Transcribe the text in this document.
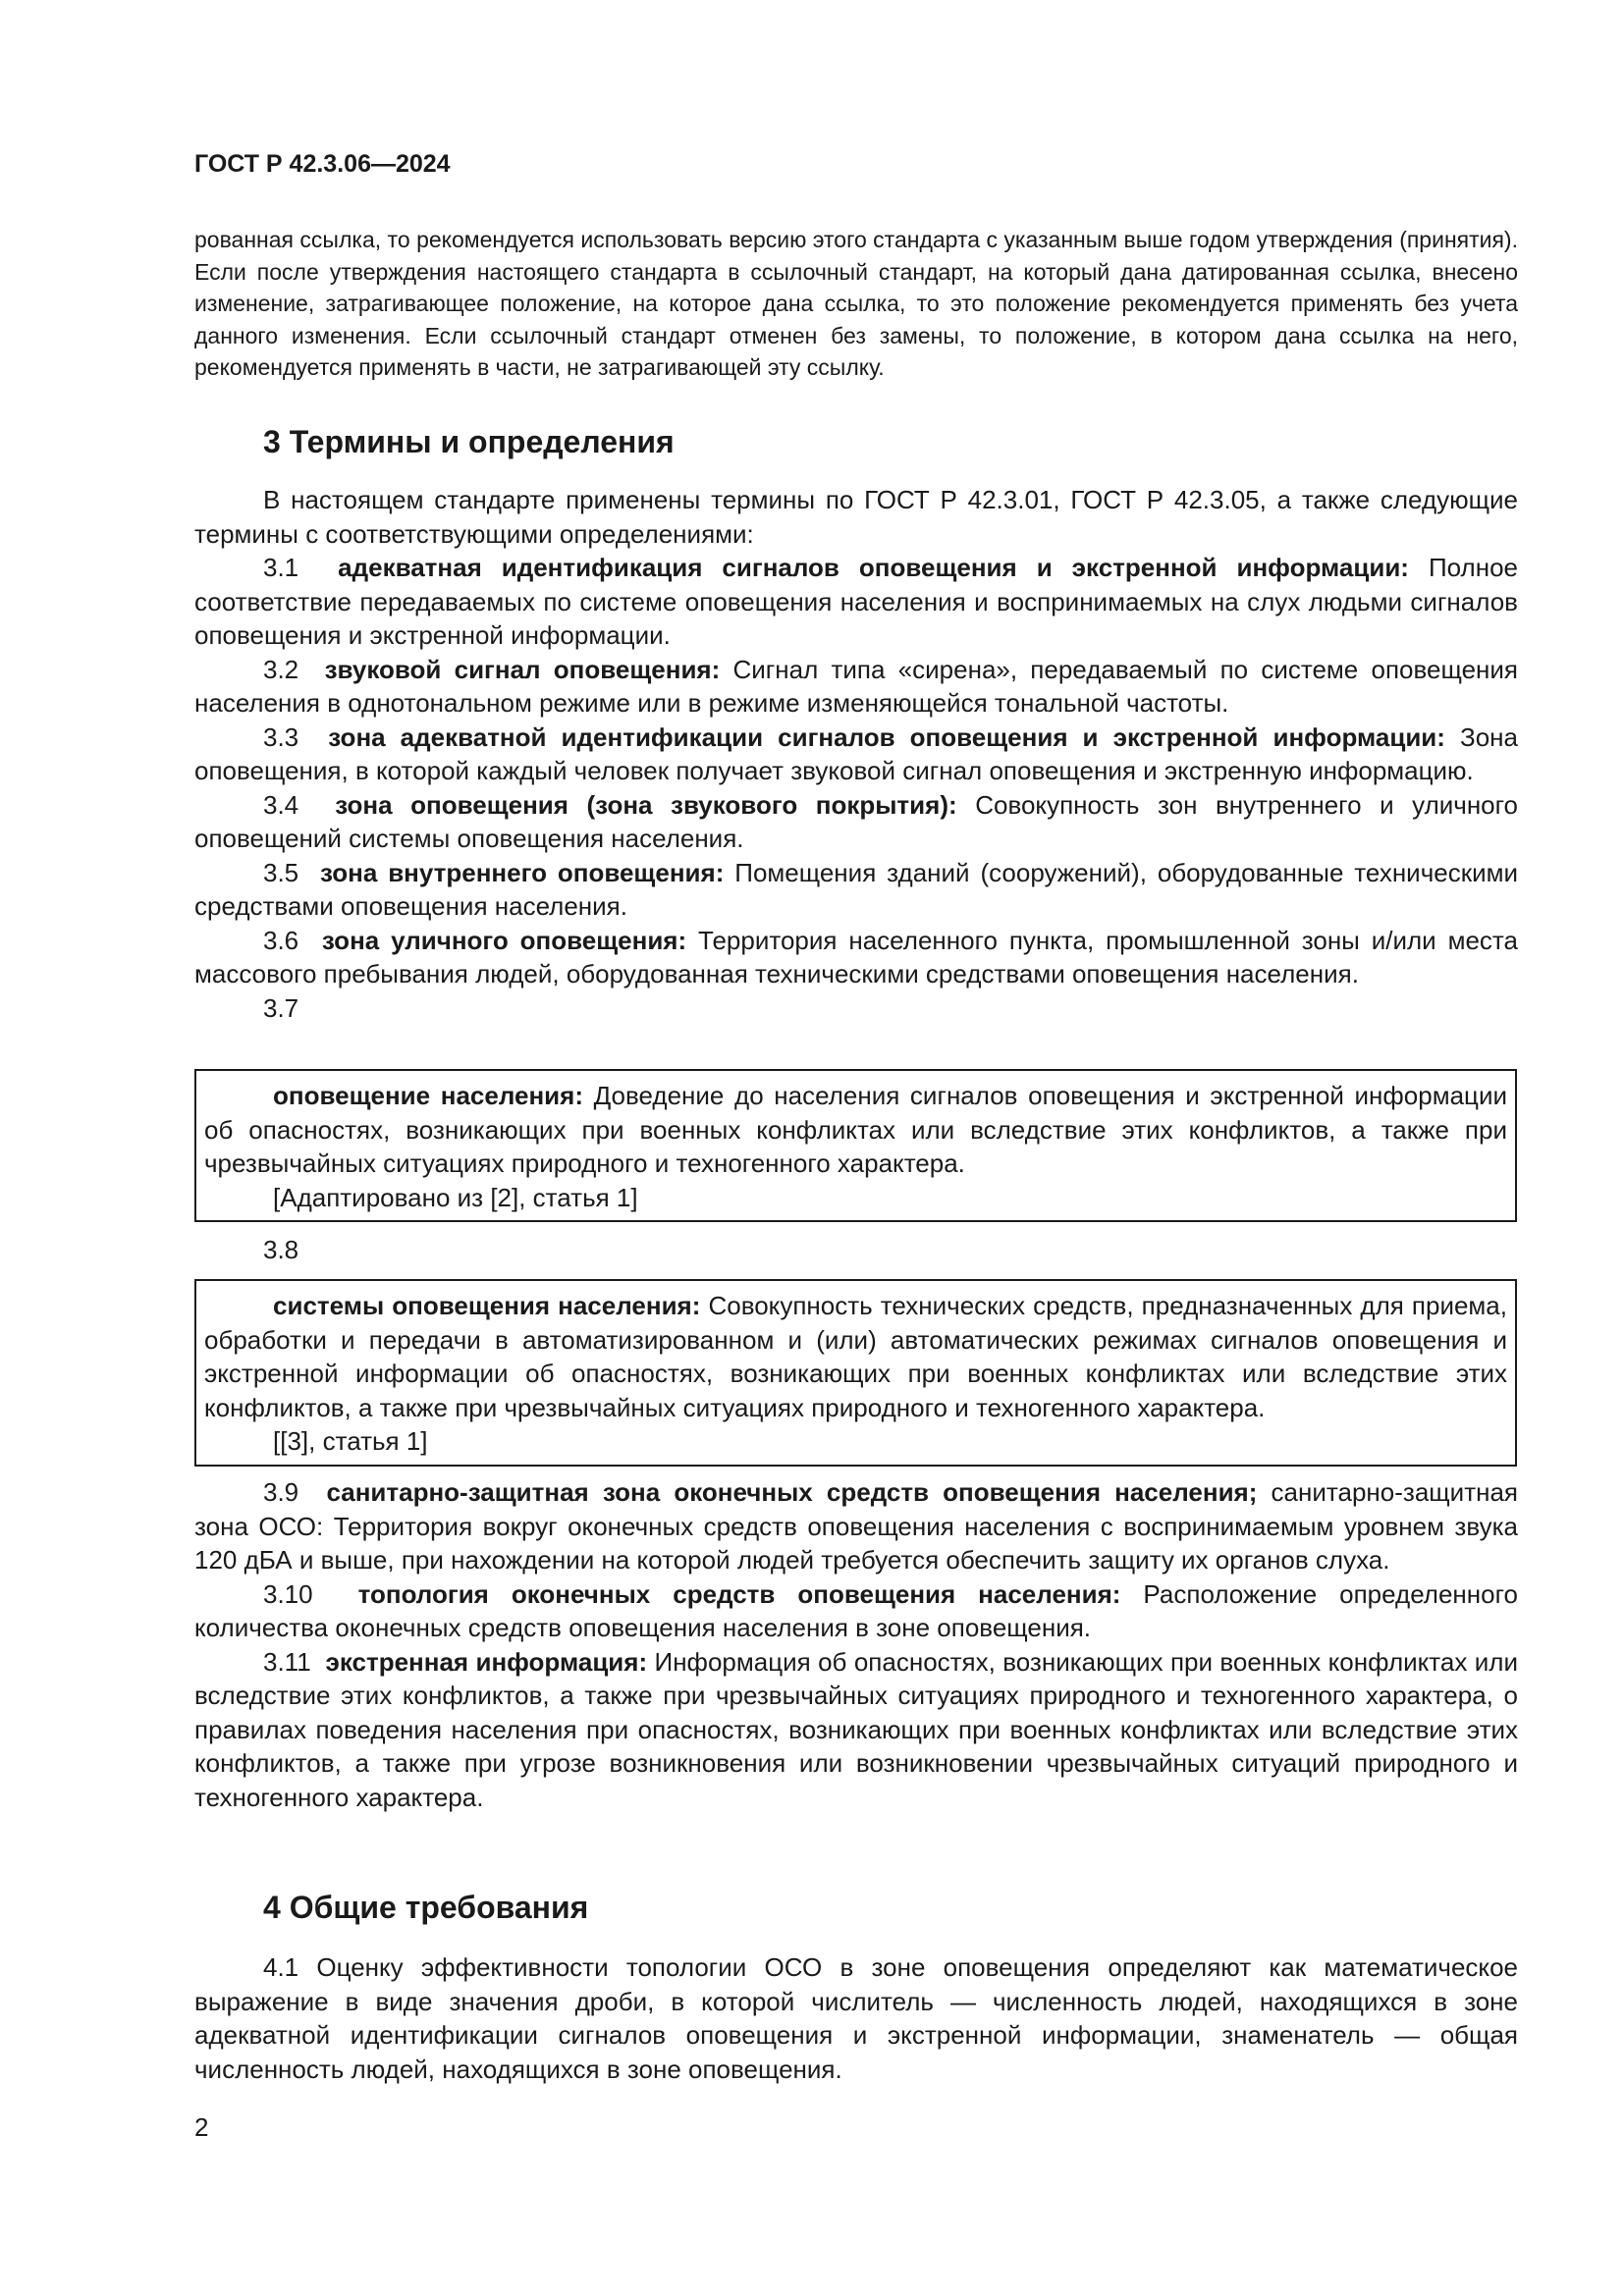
ГОСТ Р 42.3.06—2024

рованная ссылка, то рекомендуется использовать версию этого стандарта с указанным выше годом утверждения (принятия). Если после утверждения настоящего стандарта в ссылочный стандарт, на который дана датированная ссылка, внесено изменение, затрагивающее положение, на которое дана ссылка, то это положение рекомендуется применять без учета данного изменения. Если ссылочный стандарт отменен без замены, то положение, в котором дана ссылка на него, рекомендуется применять в части, не затрагивающей эту ссылку.

3 Термины и определения

В настоящем стандарте применены термины по ГОСТ Р 42.3.01, ГОСТ Р 42.3.05, а также следующие термины с соответствующими определениями:

3.1 адекватная идентификация сигналов оповещения и экстренной информации: Полное соответствие передаваемых по системе оповещения населения и воспринимаемых на слух людьми сигналов оповещения и экстренной информации.

3.2 звуковой сигнал оповещения: Сигнал типа «сирена», передаваемый по системе оповещения населения в однотональном режиме или в режиме изменяющейся тональной частоты.

3.3 зона адекватной идентификации сигналов оповещения и экстренной информации: Зона оповещения, в которой каждый человек получает звуковой сигнал оповещения и экстренную информацию.

3.4 зона оповещения (зона звукового покрытия): Совокупность зон внутреннего и уличного оповещений системы оповещения населения.

3.5 зона внутреннего оповещения: Помещения зданий (сооружений), оборудованные техническими средствами оповещения населения.

3.6 зона уличного оповещения: Территория населенного пункта, промышленной зоны и/или места массового пребывания людей, оборудованная техническими средствами оповещения населения.

3.7

оповещение населения: Доведение до населения сигналов оповещения и экстренной информации об опасностях, возникающих при военных конфликтах или вследствие этих конфликтов, а также при чрезвычайных ситуациях природного и техногенного характера.

[Адаптировано из [2], статья 1]

3.8

системы оповещения населения: Совокупность технических средств, предназначенных для приема, обработки и передачи в автоматизированном и (или) автоматических режимах сигналов оповещения и экстренной информации об опасностях, возникающих при военных конфликтах или вследствие этих конфликтов, а также при чрезвычайных ситуациях природного и техногенного характера.

[[3], статья 1]

3.9 санитарно-защитная зона оконечных средств оповещения населения; санитарно-защитная зона ОСО: Территория вокруг оконечных средств оповещения населения с воспринимаемым уровнем звука 120 дБА и выше, при нахождении на которой людей требуется обеспечить защиту их органов слуха.

3.10 топология оконечных средств оповещения населения: Расположение определенного количества оконечных средств оповещения населения в зоне оповещения.

3.11 экстренная информация: Информация об опасностях, возникающих при военных конфликтах или вследствие этих конфликтов, а также при чрезвычайных ситуациях природного и техногенного характера, о правилах поведения населения при опасностях, возникающих при военных конфликтах или вследствие этих конфликтов, а также при угрозе возникновения или возникновении чрезвычайных ситуаций природного и техногенного характера.

4 Общие требования

4.1 Оценку эффективности топологии ОСО в зоне оповещения определяют как математическое выражение в виде значения дроби, в которой числитель — численность людей, находящихся в зоне адекватной идентификации сигналов оповещения и экстренной информации, знаменатель — общая численность людей, находящихся в зоне оповещения.

2
